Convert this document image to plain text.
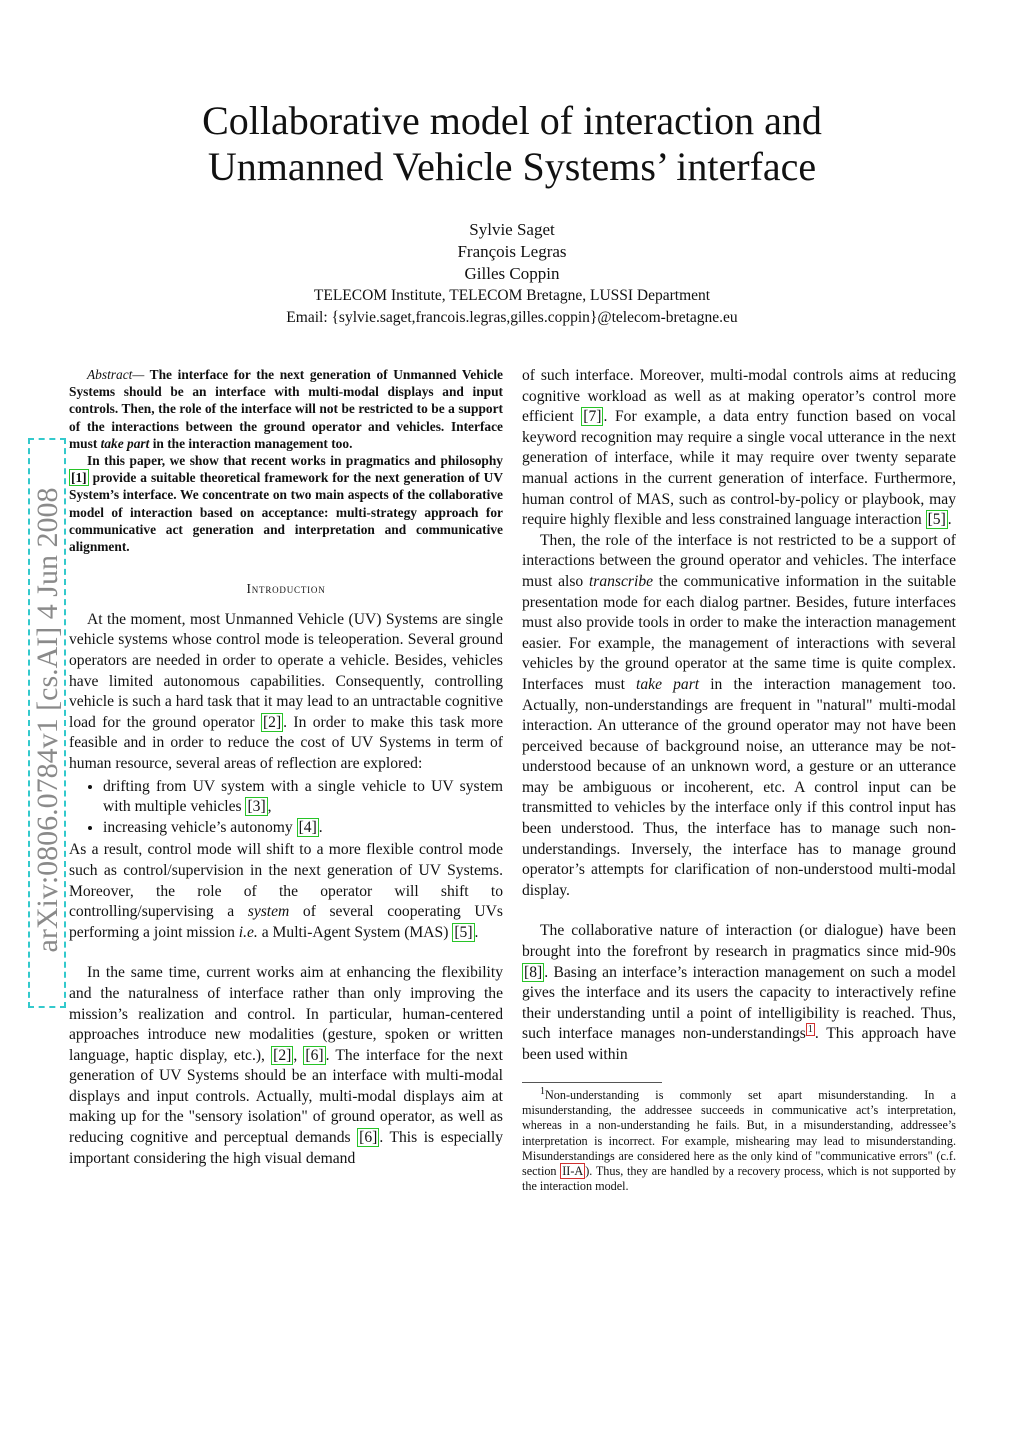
Collaborative model of interaction and
Unmanned Vehicle Systems’ interface
Sylvie Saget
François Legras
Gilles Coppin
TELECOM Institute, TELECOM Bretagne, LUSSI Department
Email: {sylvie.saget,francois.legras,gilles.coppin}@telecom-bretagne.eu
arXiv:0806.0784v1 [cs.AI] 4 Jun 2008

Abstract— The interface for the next generation of Unmanned Vehicle Systems should be an interface with multi-modal displays and input controls. Then, the role of the interface will not be restricted to be a support of the interactions between the ground operator and vehicles. Interface must take part in the interaction management too.

In this paper, we show that recent works in pragmatics and philosophy [1] provide a suitable theoretical framework for the next generation of UV System’s interface. We concentrate on two main aspects of the collaborative model of interaction based on acceptance: multi-strategy approach for communicative act generation and interpretation and communicative alignment.

Introduction

At the moment, most Unmanned Vehicle (UV) Systems are single vehicle systems whose control mode is teleoperation. Several ground operators are needed in order to operate a vehicle. Besides, vehicles have limited autonomous capabilities. Consequently, controlling vehicle is such a hard task that it may lead to an untractable cognitive load for the ground operator [2] . In order to make this task more feasible and in order to reduce the cost of UV Systems in term of human resource, several areas of reflection are explored:

• drifting from UV system with a single vehicle to UV system with multiple vehicles [3] ,
• increasing vehicle’s autonomy [4] .

As a result, control mode will shift to a more flexible control mode such as control/supervision in the next generation of UV Systems. Moreover, the role of the operator will shift to controlling/supervising a system of several cooperating UVs performing a joint mission i.e. a Multi-Agent System (MAS) [5] .

In the same time, current works aim at enhancing the flexibility and the naturalness of interface rather than only improving the mission’s realization and control. In particular, human-centered approaches introduce new modalities (gesture, spoken or written language, haptic display, etc.), [2] , [6] . The interface for the next generation of UV Systems should be an interface with multi-modal displays and input controls. Actually, multi-modal displays aim at making up for the "sensory isolation" of ground operator, as well as reducing cognitive and perceptual demands [6] . This is especially important considering the high visual demand

of such interface. Moreover, multi-modal controls aims at reducing cognitive workload as well as at making operator’s control more efficient [7] . For example, a data entry function based on vocal keyword recognition may require a single vocal utterance in the next generation of interface, while it may require over twenty separate manual actions in the current generation of interface. Furthermore, human control of MAS, such as control-by-policy or playbook, may require highly flexible and less constrained language interaction [5] .

Then, the role of the interface is not restricted to be a support of interactions between the ground operator and vehicles. The interface must also transcribe the communicative information in the suitable presentation mode for each dialog partner. Besides, future interfaces must also provide tools in order to make the interaction management easier. For example, the management of interactions with several vehicles by the ground operator at the same time is quite complex. Interfaces must take part in the interaction management too. Actually, non-understandings are frequent in "natural" multi-modal interaction. An utterance of the ground operator may not have been perceived because of background noise, an utterance may be not-understood because of an unknown word, a gesture or an utterance may be ambiguous or incoherent, etc. A control input can be transmitted to vehicles by the interface only if this control input has been understood. Thus, the interface has to manage such non-understandings. Inversely, the interface has to manage ground operator’s attempts for clarification of non-understood multi-modal display.

The collaborative nature of interaction (or dialogue) have been brought into the forefront by research in pragmatics since mid-90s [8] . Basing an interface’s interaction management on such a model gives the interface and its users the capacity to interactively refine their understanding until a point of intelligibility is reached. Thus, such interface manages non-understandings $^1$ . This approach have been used within

$^1$Non-understanding is commonly set apart misunderstanding. In a misunderstanding, the addressee succeeds in communicative act’s interpretation, whereas in a non-understanding he fails. But, in a misunderstanding, addressee’s interpretation is incorrect. For example, mishearing may lead to misunderstanding. Misunderstandings are considered here as the only kind of "communicative errors" (c.f. section II-A ). Thus, they are handled by a recovery process, which is not supported by the interaction model.
